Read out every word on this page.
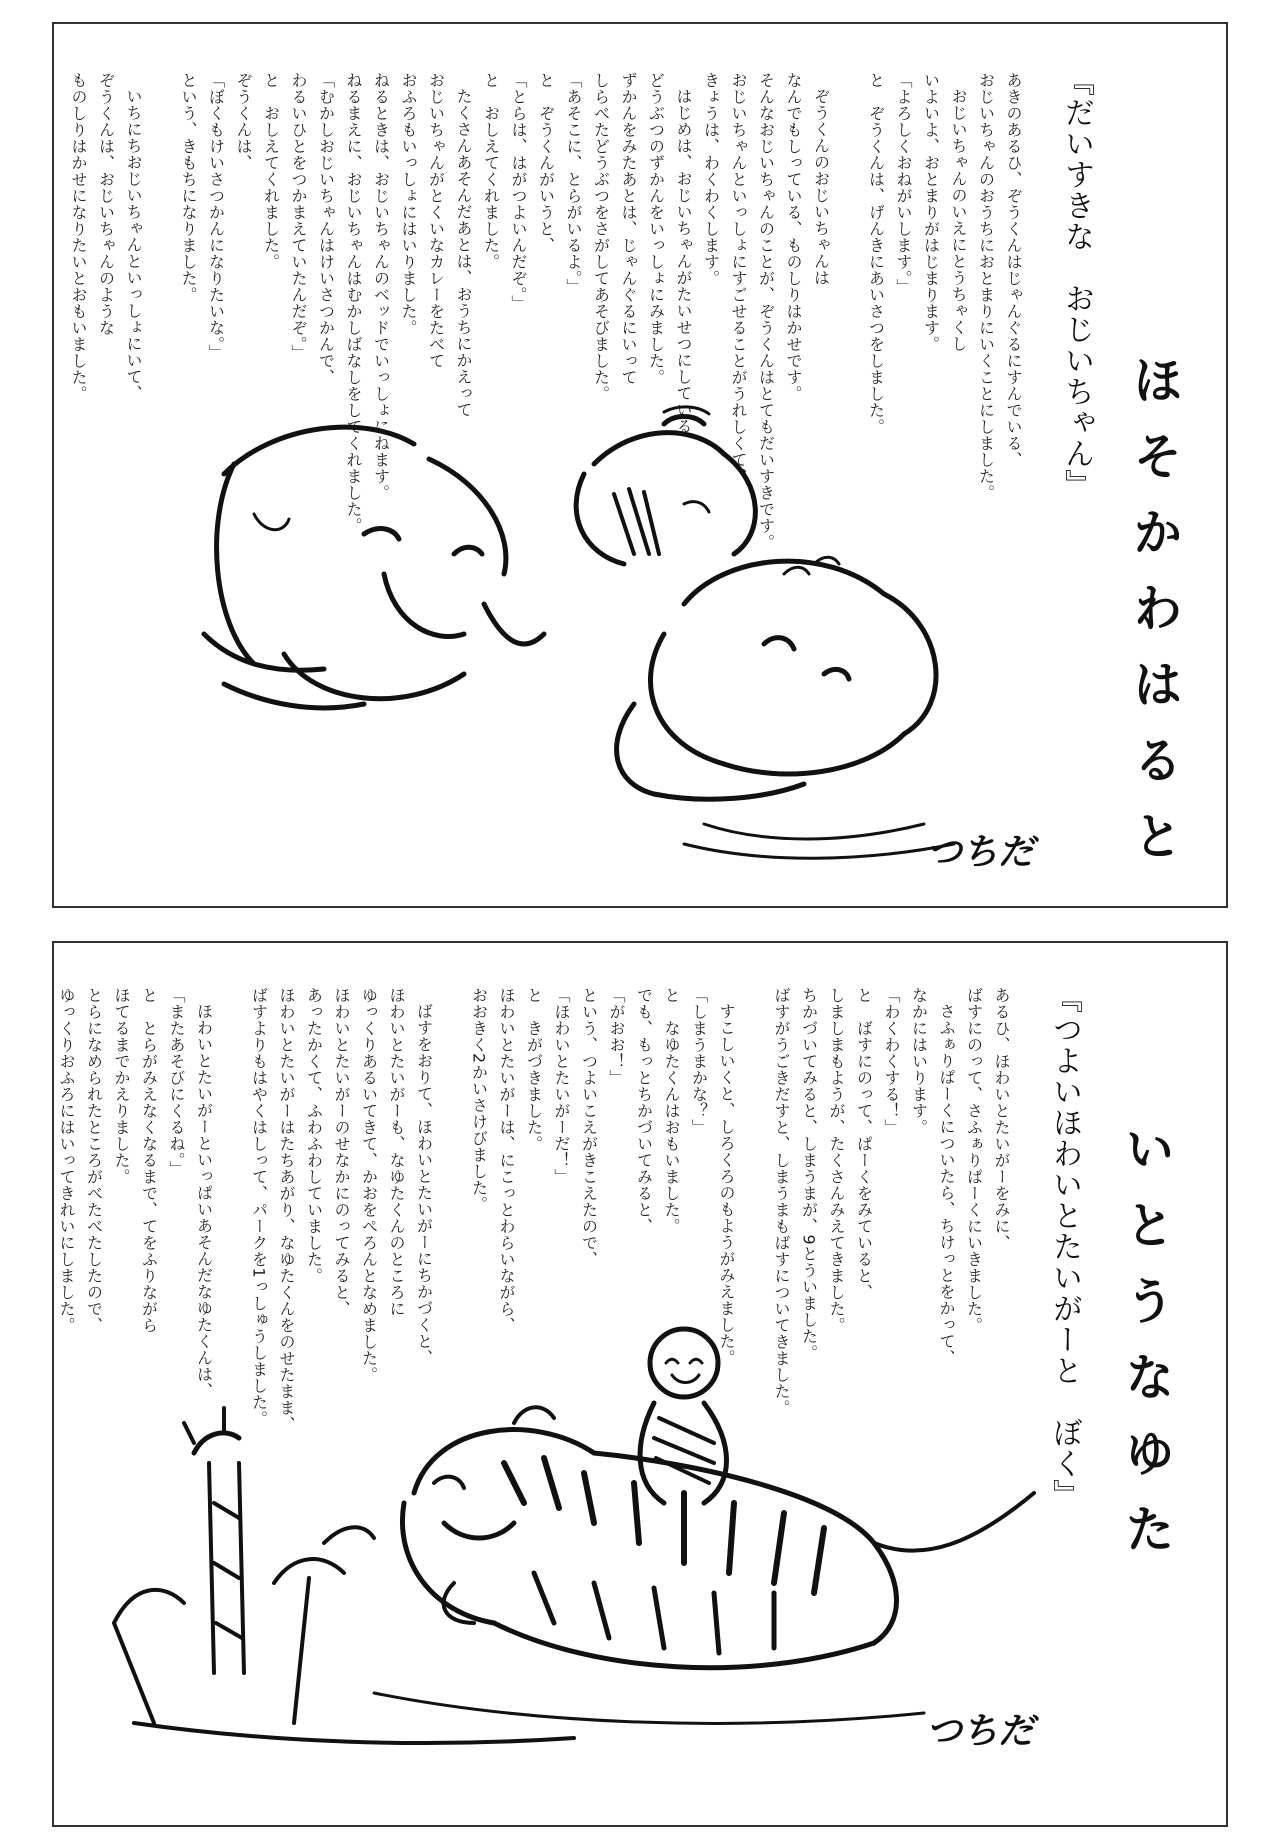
『だいすきな　おじいちゃん』
ほそかわはると
あきのあるひ、ぞうくんはじゃんぐるにすんでいる、
おじいちゃんのおうちにおとまりにいくことにしました。
おじいちゃんのいえにとうちゃくし
いよいよ、おとまりがはじまります。
「よろしくおねがいします。」
と　ぞうくんは、げんきにあいさつをしました。
ぞうくんのおじいちゃんは
なんでもしっている、ものしりはかせです。
そんなおじいちゃんのことが、ぞうくんはとてもだいすきです。
おじいちゃんといっしょにすごせることがうれしくて、
きょうは、わくわくします。
はじめは、おじいちゃんがたいせつにしている
どうぶつのずかんをいっしょにみました。
ずかんをみたあとは、じゃんぐるにいって
しらべたどうぶつをさがしてあそびました。
「あそこに、とらがいるよ。」
と　ぞうくんがいうと、
「とらは、はがつよいんだぞ。」
と　おしえてくれました。
たくさんあそんだあとは、おうちにかえって
おじいちゃんがとくいなカレーをたべて
おふろもいっしょにはいりました。
ねるときは、おじいちゃんのベッドでいっしょにねます。
ねるまえに、おじいちゃんはむかしばなしをしてくれました。
「むかしおじいちゃんはけいさつかんで、
わるいひとをつかまえていたんだぞ。」
と　おしえてくれました。
ぞうくんは、
「ぼくもけいさつかんになりたいな。」
という、きもちになりました。
いちにちおじいちゃんといっしょにいて、
ぞうくんは、おじいちゃんのような
ものしりはかせになりたいとおもいました。
つちだ
『つよいほわいとたいがーと　ぼく』 いとうなゆた
あるひ、ほわいとたいがーをみに、
ばすにのって、さふぁりぱーくにいきました。
さふぁりぱーくについたら、ちけっとをかって、
なかにはいります。
「わくわくする！」
と　ばすにのって、ぱーくをみていると、
しましまもようが、たくさんみえてきました。
ちかづいてみると、しまうまが、9とういました。
ばすがうごきだすと、しまうまもばすについてきました。
すこしいくと、しろくろのもようがみえました。
「しまうまかな？」
と　なゆたくんはおもいました。
でも、もっとちかづいてみると、
「がおお！」
という、つよいこえがきこえたので、
「ほわいとたいがーだ！」
と　きがづきました。
ほわいとたいがーは、にこっとわらいながら、
おおきく2かいさけびました。
ばすをおりて、ほわいとたいがーにちかづくと、
ほわいとたいがーも、なゆたくんのところに
ゆっくりあるいてきて、かおをぺろんとなめました。
ほわいとたいがーのせなかにのってみると、
あったかくて、ふわふわしていました。
ほわいとたいがーはたちあがり、なゆたくんをのせたまま、
ばすよりもはやくはしって、パークを1っしゅうしました。
ほわいとたいがーといっぱいあそんだなゆたくんは、
「またあそびにくるね。」
と　とらがみえなくなるまで、てをふりながら
ほてるまでかえりました。
とらになめられたところがべたべたしたので、
ゆっくりおふろにはいってきれいにしました。
つちだ
